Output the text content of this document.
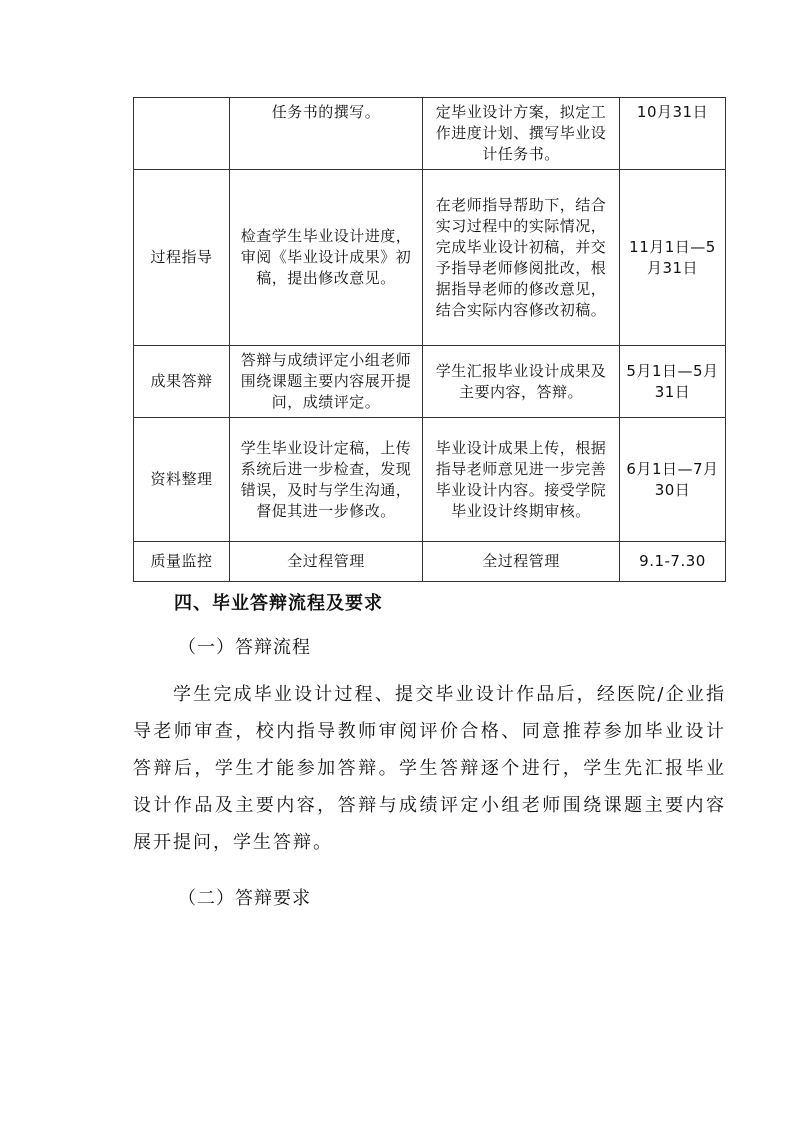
	任务书的撰写。	定毕业设计方案，拟定工作进度计划、撰写毕业设计任务书。	10月31日
过程指导	检查学生毕业设计进度，审阅《毕业设计成果》初稿，提出修改意见。	在老师指导帮助下，结合实习过程中的实际情况，完成毕业设计初稿，并交予指导老师修阅批改，根据指导老师的修改意见，结合实际内容修改初稿。	11月1日—5月31日
成果答辩	答辩与成绩评定小组老师围绕课题主要内容展开提问，成绩评定。	学生汇报毕业设计成果及主要内容，答辩。	5月1日—5月31日
资料整理	学生毕业设计定稿，上传系统后进一步检查，发现错误，及时与学生沟通，督促其进一步修改。	毕业设计成果上传，根据指导老师意见进一步完善毕业设计内容。接受学院毕业设计终期审核。	6月1日—7月30日
质量监控	全过程管理	全过程管理	9.1-7.30
四、毕业答辩流程及要求
（一）答辩流程
学生完成毕业设计过程、提交毕业设计作品后，经医院/企业指导老师审查，校内指导教师审阅评价合格、同意推荐参加毕业设计答辩后，学生才能参加答辩。学生答辩逐个进行，学生先汇报毕业设计作品及主要内容，答辩与成绩评定小组老师围绕课题主要内容展开提问，学生答辩。
（二）答辩要求
